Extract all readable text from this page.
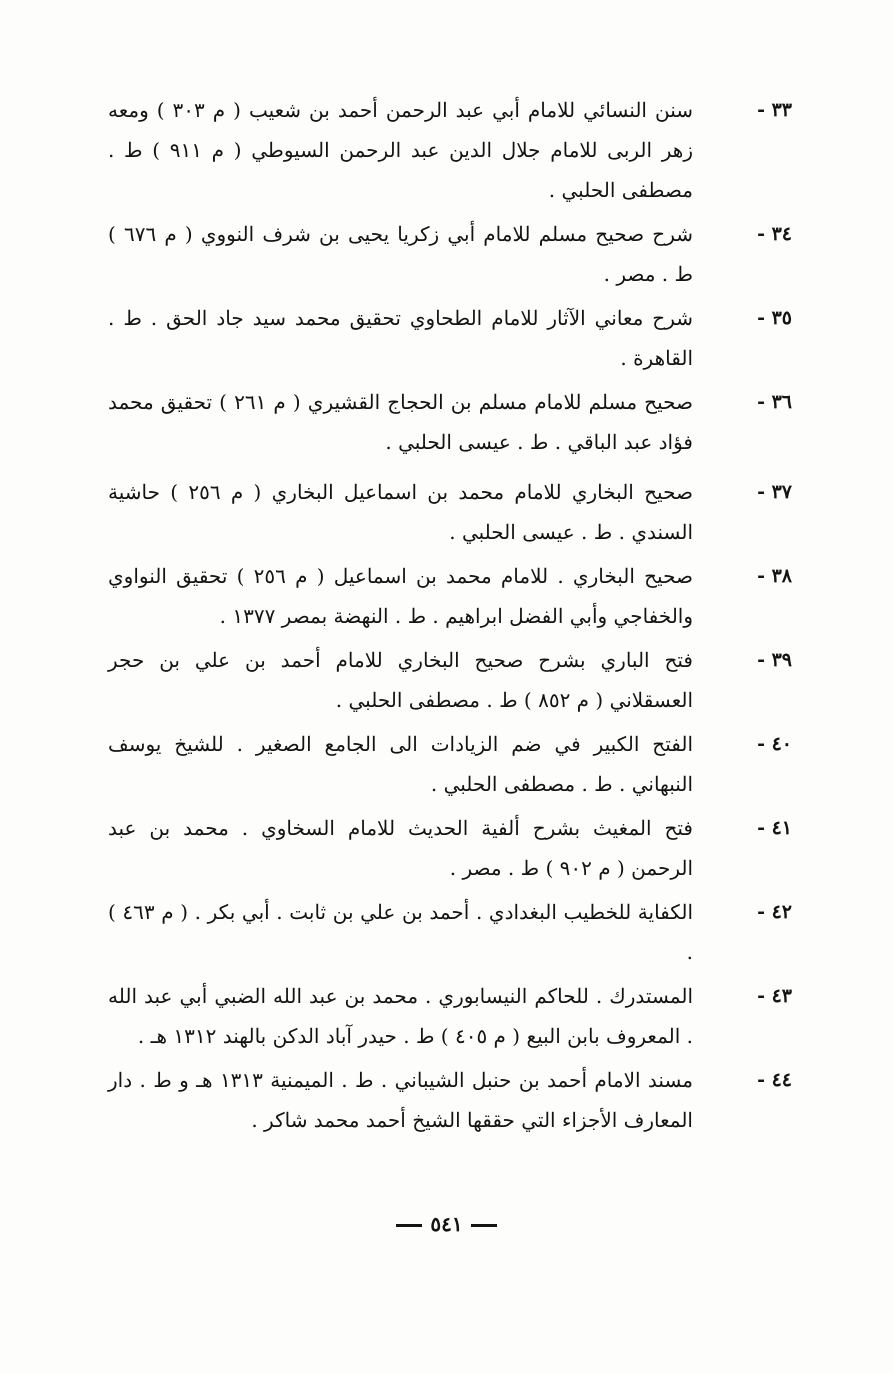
٣٣ -
سنن النسائي للامام أبي عبد الرحمن أحمد بن شعيب ( م ٣٠٣ ) ومعه زهر الربى للامام جلال الدين عبد الرحمن السيوطي ( م ٩١١ ) ط . مصطفى الحلبي .
٣٤ -
شرح صحيح مسلم للامام أبي زكريا يحيى بن شرف النووي ( م ٦٧٦ ) ط . مصر .
٣٥ -
شرح معاني الآثار للامام الطحاوي تحقيق محمد سيد جاد الحق . ط . القاهرة .
٣٦ -
صحيح مسلم للامام مسلم بن الحجاج القشيري ( م ٢٦١ ) تحقيق محمد فؤاد عبد الباقي . ط . عيسى الحلبي .
٣٧ -
صحيح البخاري للامام محمد بن اسماعيل البخاري ( م ٢٥٦ ) حاشية السندي . ط . عيسى الحلبي .
٣٨ -
صحيح البخاري . للامام محمد بن اسماعيل ( م ٢٥٦ ) تحقيق النواوي والخفاجي وأبي الفضل ابراهيم . ط . النهضة بمصر ١٣٧٧ .
٣٩ -
فتح الباري بشرح صحيح البخاري للامام أحمد بن علي بن حجر العسقلاني ( م ٨٥٢ ) ط . مصطفى الحلبي .
٤٠ -
الفتح الكبير في ضم الزيادات الى الجامع الصغير . للشيخ يوسف النبهاني . ط . مصطفى الحلبي .
٤١ -
فتح المغيث بشرح ألفية الحديث للامام السخاوي . محمد بن عبد الرحمن ( م ٩٠٢ ) ط . مصر .
٤٢ -
الكفاية للخطيب البغدادي . أحمد بن علي بن ثابت . أبي بكر . ( م ٤٦٣ ) .
٤٣ -
المستدرك . للحاكم النيسابوري . محمد بن عبد الله الضبي أبي عبد الله . المعروف بابن البيع ( م ٤٠٥ ) ط . حيدر آباد الدكن بالهند ١٣١٢ هـ .
٤٤ -
مسند الامام أحمد بن حنبل الشيباني . ط . الميمنية ١٣١٣ هـ و ط . دار المعارف الأجزاء التي حققها الشيخ أحمد محمد شاكر .
٥٤١
